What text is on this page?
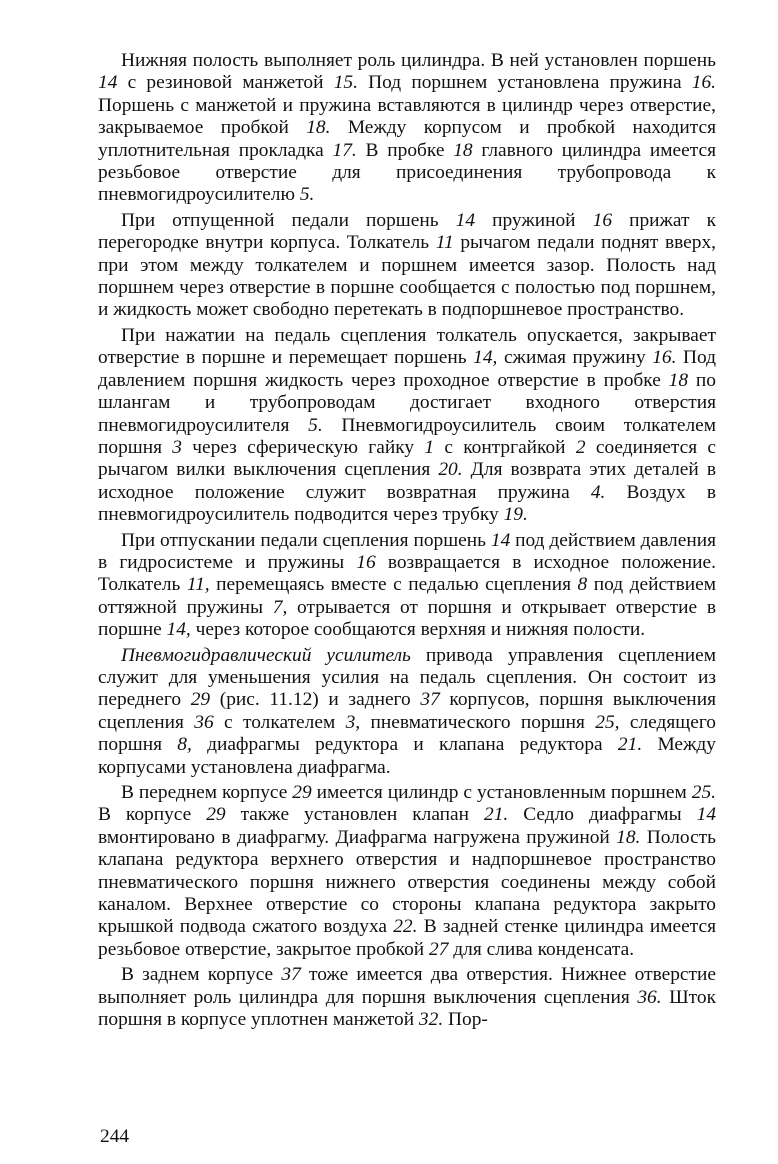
Нижняя полость выполняет роль цилиндра. В ней установлен поршень 14 с резиновой манжетой 15. Под поршнем установлена пружина 16. Поршень с манжетой и пружина вставляются в цилиндр через отверстие, закрываемое пробкой 18. Между корпусом и пробкой находится уплотнительная прокладка 17. В пробке 18 главного цилиндра имеется резьбовое отверстие для присоединения трубопровода к пневмогидроусилителю 5.

При отпущенной педали поршень 14 пружиной 16 прижат к перегородке внутри корпуса. Толкатель 11 рычагом педали поднят вверх, при этом между толкателем и поршнем имеется зазор. Полость над поршнем через отверстие в поршне сообщается с полостью под поршнем, и жидкость может свободно перетекать в подпоршневое пространство.

При нажатии на педаль сцепления толкатель опускается, закрывает отверстие в поршне и перемещает поршень 14, сжимая пружину 16. Под давлением поршня жидкость через проходное отверстие в пробке 18 по шлангам и трубопроводам достигает входного отверстия пневмогидроусилителя 5. Пневмогидроусилитель своим толкателем поршня 3 через сферическую гайку 1 с контргайкой 2 соединяется с рычагом вилки выключения сцепления 20. Для возврата этих деталей в исходное положение служит возвратная пружина 4. Воздух в пневмогидроусилитель подводится через трубку 19.

При отпускании педали сцепления поршень 14 под действием давления в гидросистеме и пружины 16 возвращается в исходное положение. Толкатель 11, перемещаясь вместе с педалью сцепления 8 под действием оттяжной пружины 7, отрывается от поршня и открывает отверстие в поршне 14, через которое сообщаются верхняя и нижняя полости.

Пневмогидравлический усилитель привода управления сцеплением служит для уменьшения усилия на педаль сцепления. Он состоит из переднего 29 (рис. 11.12) и заднего 37 корпусов, поршня выключения сцепления 36 с толкателем 3, пневматического поршня 25, следящего поршня 8, диафрагмы редуктора и клапана редуктора 21. Между корпусами установлена диафрагма.

В переднем корпусе 29 имеется цилиндр с установленным поршнем 25. В корпусе 29 также установлен клапан 21. Седло диафрагмы 14 вмонтировано в диафрагму. Диафрагма нагружена пружиной 18. Полость клапана редуктора верхнего отверстия и надпоршневое пространство пневматического поршня нижнего отверстия соединены между собой каналом. Верхнее отверстие со стороны клапана редуктора закрыто крышкой подвода сжатого воздуха 22. В задней стенке цилиндра имеется резьбовое отверстие, закрытое пробкой 27 для слива конденсата.

В заднем корпусе 37 тоже имеется два отверстия. Нижнее отверстие выполняет роль цилиндра для поршня выключения сцепления 36. Шток поршня в корпусе уплотнен манжетой 32. Пор-

244
